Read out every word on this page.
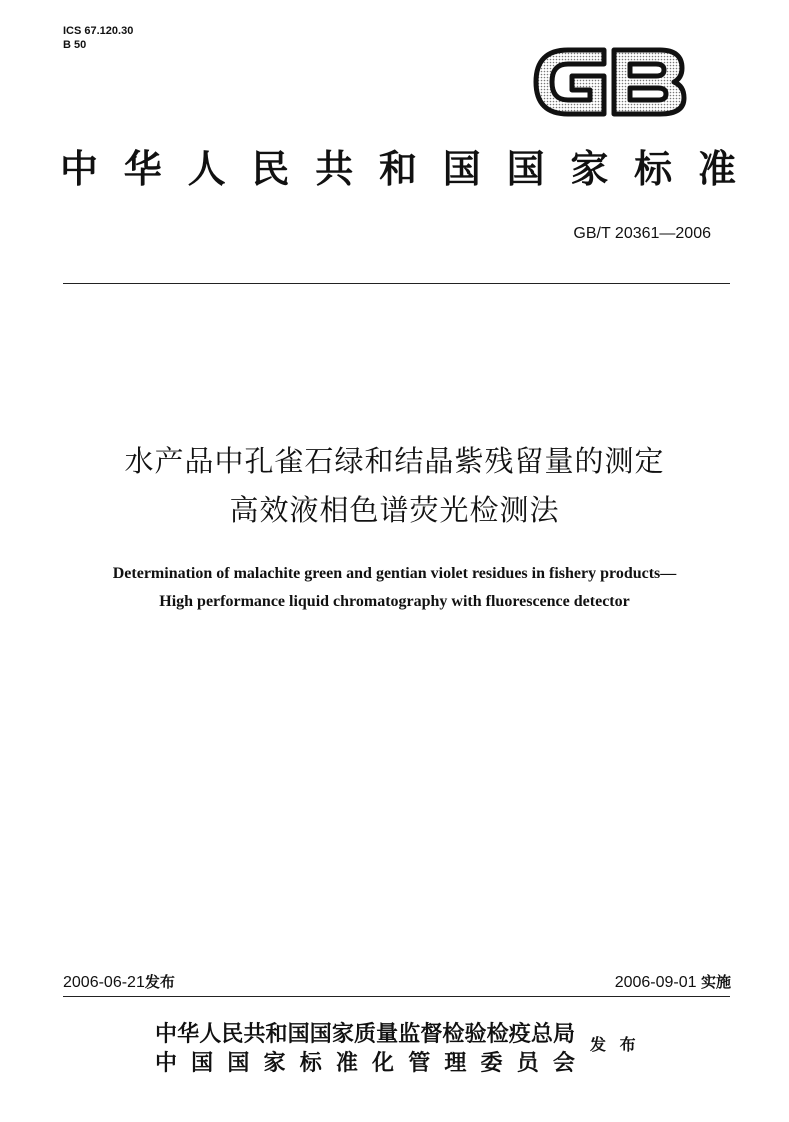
ICS 67.120.30
B 50
中 华 人 民 共 和 国 国 家 标 准
GB/T 20361—2006
水产品中孔雀石绿和结晶紫残留量的测定
高效液相色谱荧光检测法
Determination of malachite green and gentian violet residues in fishery products—
High performance liquid chromatography with fluorescence detector
2006-06-21发布	2006-09-01 实施
中 华 人 民 共 和 国 国 家 质 量 监 督 检 验 检 疫 总 局
中 国 国 家 标 准 化 管 理 委 员 会
发 布
